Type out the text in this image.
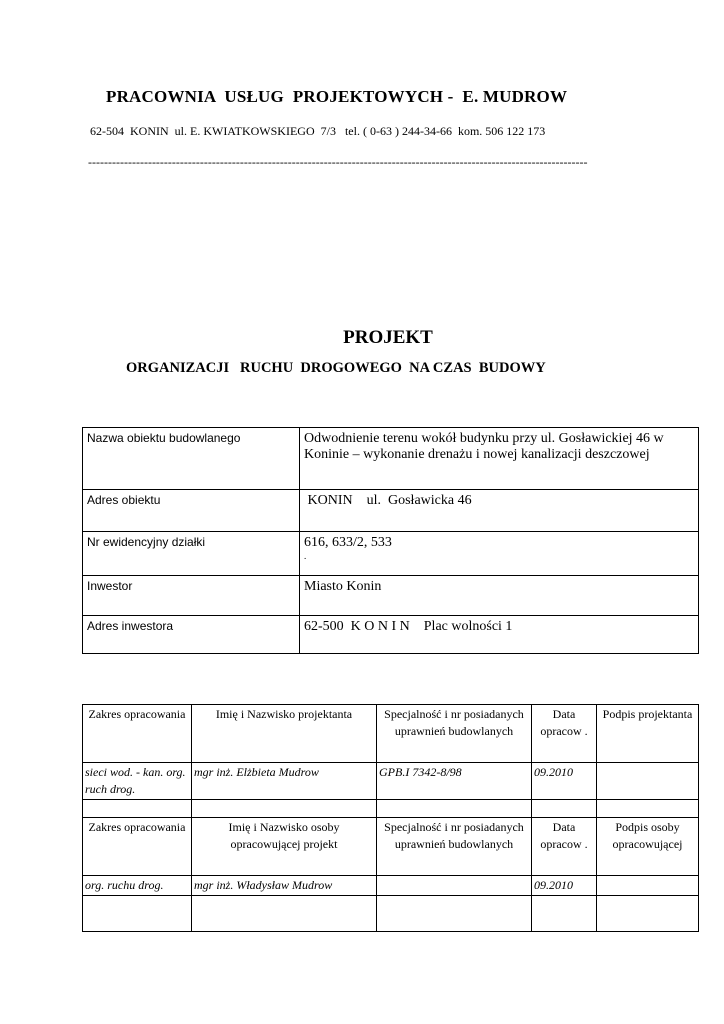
PRACOWNIA  USŁUG  PROJEKTOWYCH -  E. MUDROW
62-504  KONIN  ul. E. KWIATKOWSKIEGO  7/3   tel. ( 0-63 ) 244-34-66  kom. 506 122 173
-----------------------------------------------------------------------------------------------------------------------------
PROJEKT
ORGANIZACJI   RUCHU  DROGOWEGO  NA CZAS  BUDOWY
Nazwa obiektu budowlanego	Odwodnienie terenu wokół budynku przy ul. Gosławickiej 46 w Koninie – wykonanie drenażu i nowej kanalizacji deszczowej
Adres obiektu	KONIN    ul.  Gosławicka 46
Nr ewidencyjny działki	616, 633/2, 533
.

Inwestor	Miasto Konin
Adres inwestora	62-500  K O N I N    Plac wolności 1
Zakres opracowania	Imię i Nazwisko projektanta	Specjalność i nr posiadanych uprawnień budowlanych	Data opracow .	Podpis projektanta
sieci wod. - kan. org. ruch drog.	mgr inż. Elżbieta Mudrow	GPB.I 7342-8/98	09.2010	

Zakres opracowania	Imię i Nazwisko osoby opracowującej projekt	Specjalność i nr posiadanych uprawnień budowlanych	Data opracow .	Podpis osoby opracowującej
org. ruchu drog.	mgr inż. Władysław Mudrow		09.2010	
